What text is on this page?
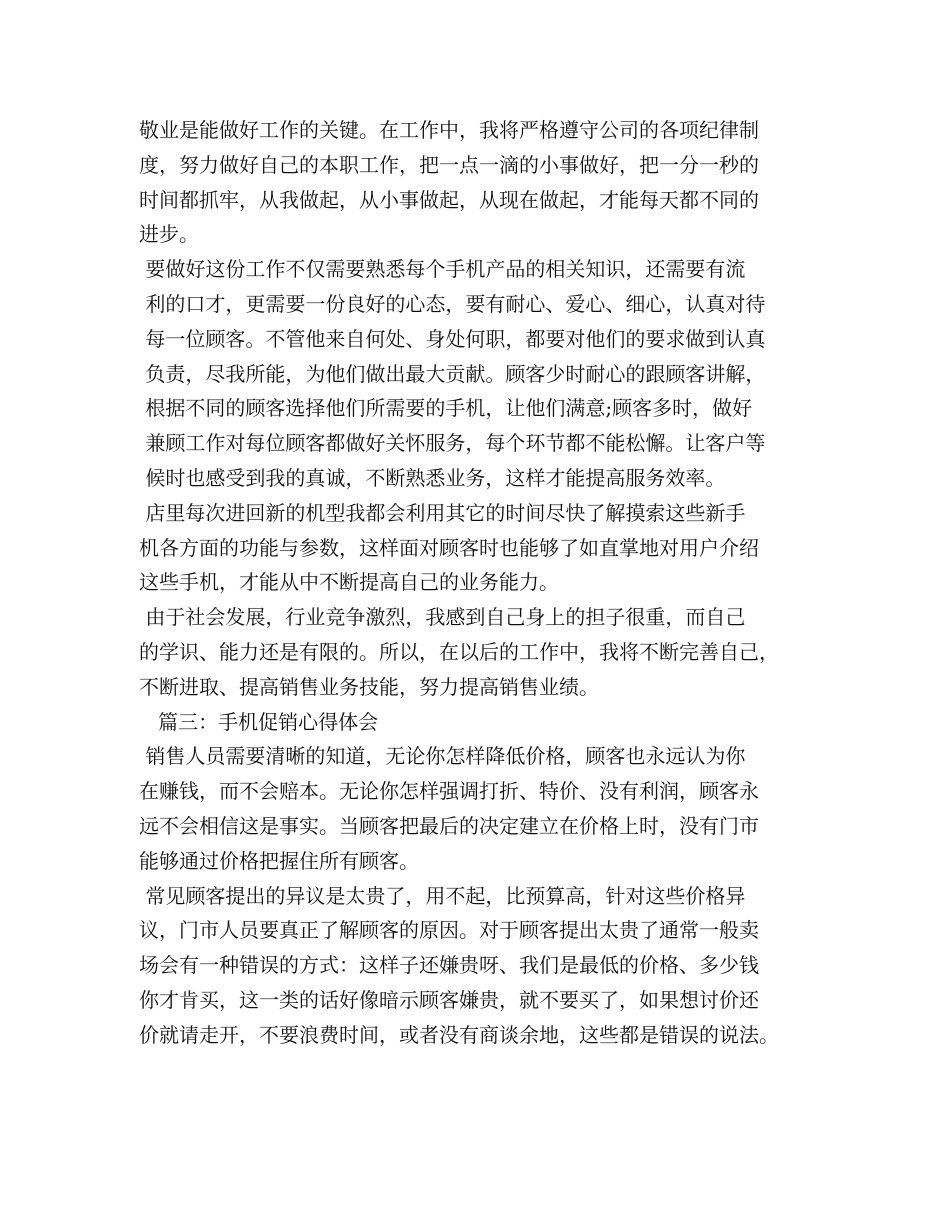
敬业是能做好工作的关键。在工作中，我将严格遵守公司的各项纪律制
度，努力做好自己的本职工作，把一点一滴的小事做好，把一分一秒的
时间都抓牢，从我做起，从小事做起，从现在做起，才能每天都不同的
进步。
要做好这份工作不仅需要熟悉每个手机产品的相关知识，还需要有流
利的口才，更需要一份良好的心态，要有耐心、爱心、细心，认真对待
每一位顾客。不管他来自何处、身处何职，都要对他们的要求做到认真
负责，尽我所能，为他们做出最大贡献。顾客少时耐心的跟顾客讲解，
根据不同的顾客选择他们所需要的手机，让他们满意;顾客多时，做好
兼顾工作对每位顾客都做好关怀服务，每个环节都不能松懈。让客户等
候时也感受到我的真诚，不断熟悉业务，这样才能提高服务效率。
店里每次进回新的机型我都会利用其它的时间尽快了解摸索这些新手
机各方面的功能与参数，这样面对顾客时也能够了如直掌地对用户介绍
这些手机，才能从中不断提高自己的业务能力。
由于社会发展，行业竞争激烈，我感到自己身上的担子很重，而自己
的学识、能力还是有限的。所以，在以后的工作中，我将不断完善自己，
不断进取、提高销售业务技能，努力提高销售业绩。
篇三：手机促销心得体会
销售人员需要清晰的知道，无论你怎样降低价格，顾客也永远认为你
在赚钱，而不会赔本。无论你怎样强调打折、特价、没有利润，顾客永
远不会相信这是事实。当顾客把最后的决定建立在价格上时，没有门市
能够通过价格把握住所有顾客。
常见顾客提出的异议是太贵了，用不起，比预算高，针对这些价格异
议，门市人员要真正了解顾客的原因。对于顾客提出太贵了通常一般卖
场会有一种错误的方式：这样子还嫌贵呀、我们是最低的价格、多少钱
你才肯买，这一类的话好像暗示顾客嫌贵，就不要买了，如果想讨价还
价就请走开，不要浪费时间，或者没有商谈余地，这些都是错误的说法。
